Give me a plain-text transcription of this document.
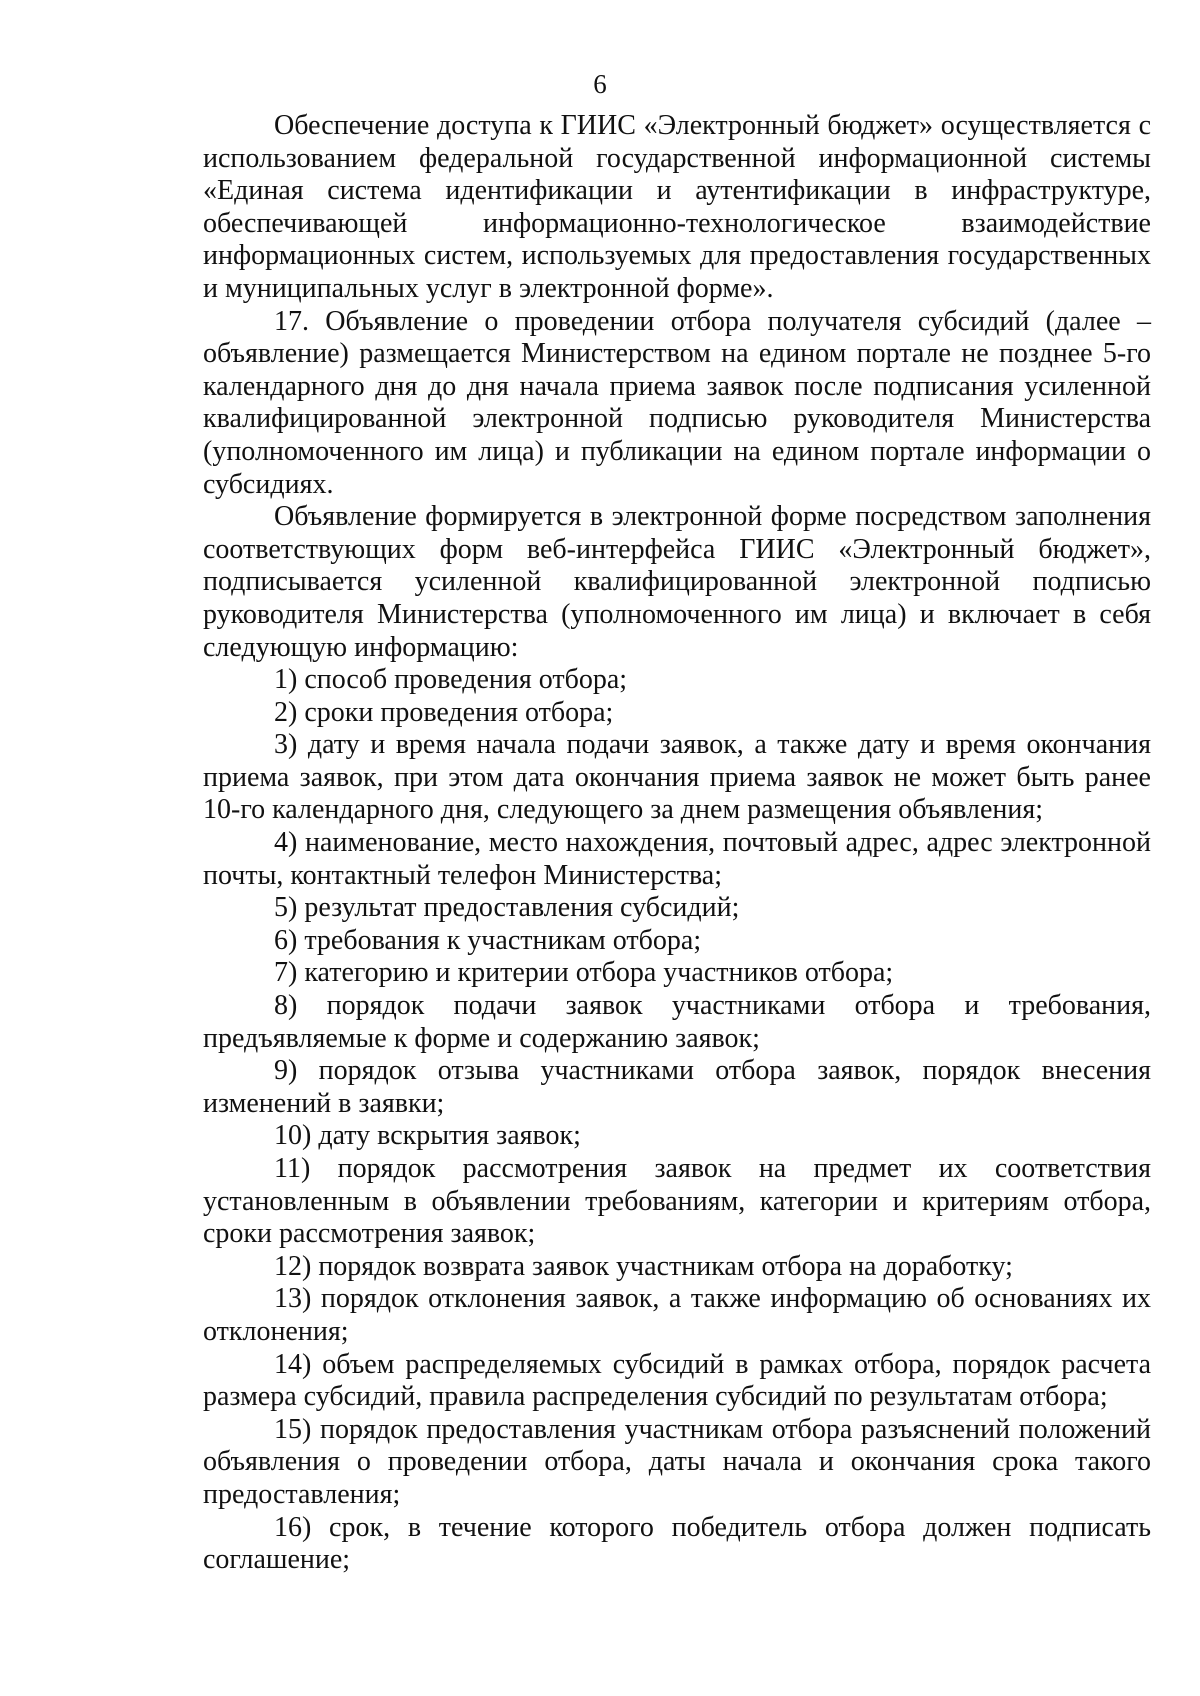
6

Обеспечение доступа к ГИИС «Электронный бюджет» осуществляется с использованием федеральной государственной информационной системы «Единая система идентификации и аутентификации в инфраструктуре, обеспечивающей информационно-технологическое взаимодействие информационных систем, используемых для предоставления государственных и муниципальных услуг в электронной форме».

17. Объявление о проведении отбора получателя субсидий (далее – объявление) размещается Министерством на едином портале не позднее 5-го календарного дня до дня начала приема заявок после подписания усиленной квалифицированной электронной подписью руководителя Министерства (уполномоченного им лица) и публикации на едином портале информации о субсидиях.

Объявление формируется в электронной форме посредством заполнения соответствующих форм веб-интерфейса ГИИС «Электронный бюджет», подписывается усиленной квалифицированной электронной подписью руководителя Министерства (уполномоченного им лица) и включает в себя следующую информацию:

1) способ проведения отбора;

2) сроки проведения отбора;

3) дату и время начала подачи заявок, а также дату и время окончания приема заявок, при этом дата окончания приема заявок не может быть ранее 10-го календарного дня, следующего за днем размещения объявления;

4) наименование, место нахождения, почтовый адрес, адрес электронной почты, контактный телефон Министерства;

5) результат предоставления субсидий;

6) требования к участникам отбора;

7) категорию и критерии отбора участников отбора;

8) порядок подачи заявок участниками отбора и требования, предъявляемые к форме и содержанию заявок;

9) порядок отзыва участниками отбора заявок, порядок внесения изменений в заявки;

10) дату вскрытия заявок;

11) порядок рассмотрения заявок на предмет их соответствия установленным в объявлении требованиям, категории и критериям отбора, сроки рассмотрения заявок;

12) порядок возврата заявок участникам отбора на доработку;

13) порядок отклонения заявок, а также информацию об основаниях их отклонения;

14) объем распределяемых субсидий в рамках отбора, порядок расчета размера субсидий, правила распределения субсидий по результатам отбора;

15) порядок предоставления участникам отбора разъяснений положений объявления о проведении отбора, даты начала и окончания срока такого предоставления;

16) срок, в течение которого победитель отбора должен подписать соглашение;
